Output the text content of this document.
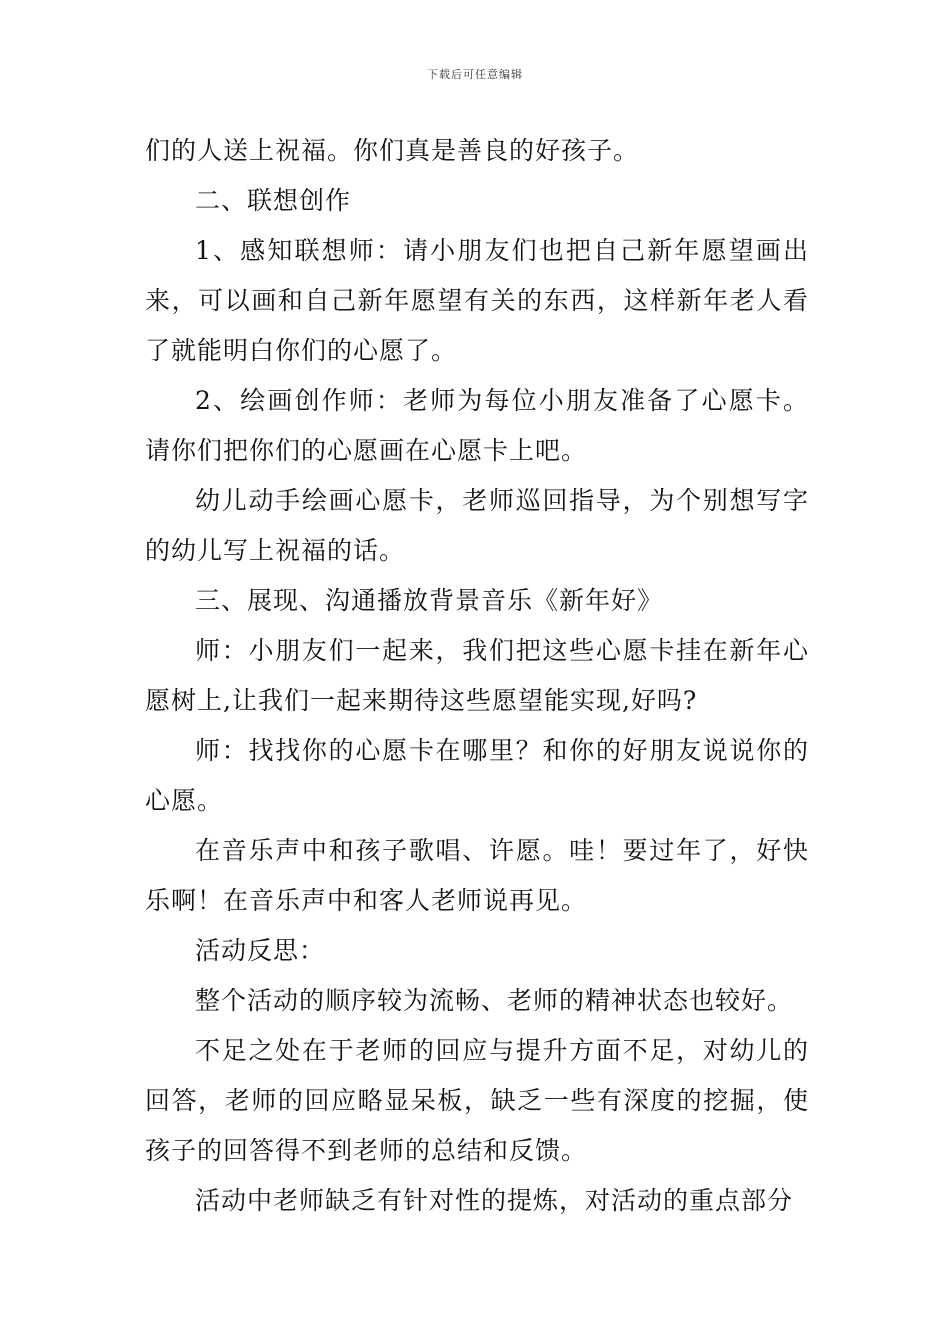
下载后可任意编辑

们的人送上祝福。你们真是善良的好孩子。

二、联想创作

1、感知联想师：请小朋友们也把自己新年愿望画出来，可以画和自己新年愿望有关的东西，这样新年老人看了就能明白你们的心愿了。

2、绘画创作师：老师为每位小朋友准备了心愿卡。请你们把你们的心愿画在心愿卡上吧。

幼儿动手绘画心愿卡，老师巡回指导，为个别想写字的幼儿写上祝福的话。

三、展现、沟通播放背景音乐《新年好》

师：小朋友们一起来，我们把这些心愿卡挂在新年心愿树上,让我们一起来期待这些愿望能实现,好吗?

师：找找你的心愿卡在哪里？和你的好朋友说说你的心愿。

在音乐声中和孩子歌唱、许愿。哇！要过年了，好快乐啊！在音乐声中和客人老师说再见。

活动反思：

整个活动的顺序较为流畅、老师的精神状态也较好。

不足之处在于老师的回应与提升方面不足，对幼儿的回答，老师的回应略显呆板，缺乏一些有深度的挖掘，使孩子的回答得不到老师的总结和反馈。

活动中老师缺乏有针对性的提炼，对活动的重点部分
